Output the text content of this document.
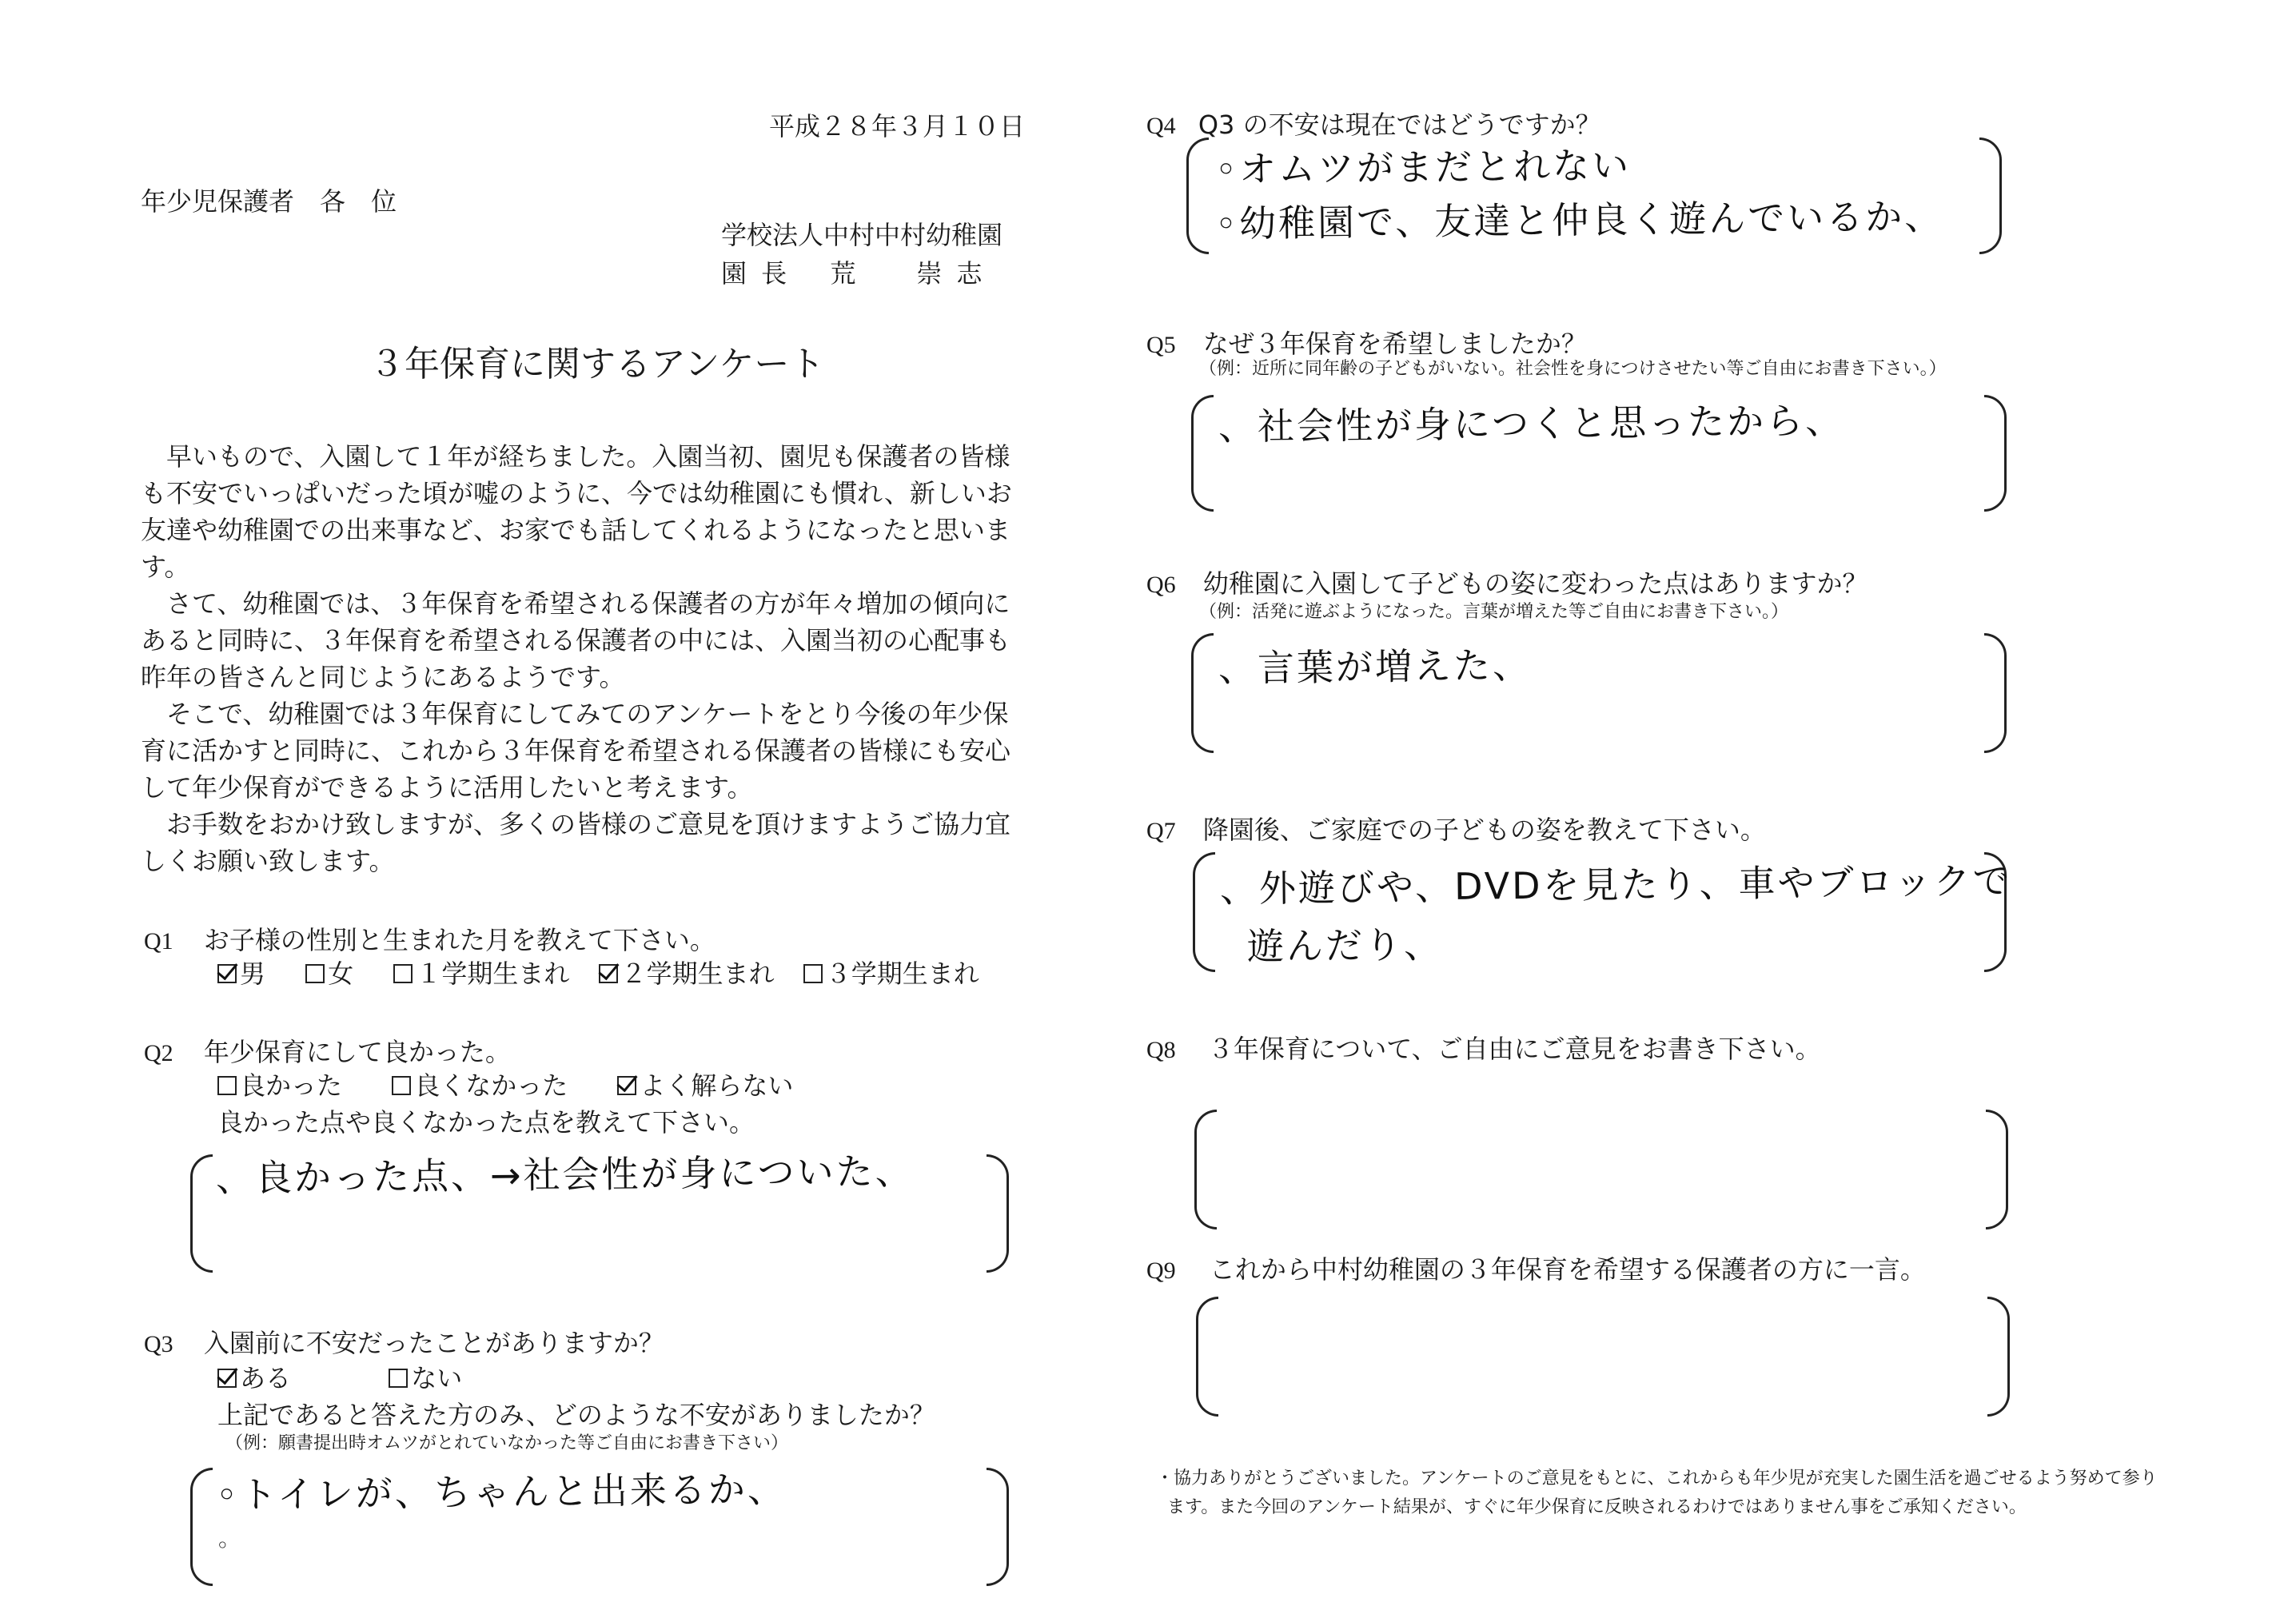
平成２８年３月１０日
年少児保護者　各　位
学校法人中村中村幼稚園
園 長　 荒　　崇 志
３年保育に関するアンケート

　早いもので、入園して１年が経ちました。入園当初、園児も保護者の皆様も不安でいっぱいだった頃が嘘のように、今では幼稚園にも慣れ、新しいお友達や幼稚園での出来事など、お家でも話してくれるようになったと思います。

　さて、幼稚園では、３年保育を希望される保護者の方が年々増加の傾向にあると同時に、３年保育を希望される保護者の中には、入園当初の心配事も昨年の皆さんと同じようにあるようです。

　そこで、幼稚園では３年保育にしてみてのアンケートをとり今後の年少保育に活かすと同時に、これから３年保育を希望される保護者の皆様にも安心して年少保育ができるように活用したいと考えます。

　お手数をおかけ致しますが、多くの皆様のご意見を頂けますようご協力宜しくお願い致します。

Q1 お子様の性別と生まれた月を教えて下さい。
男
女
１学期生まれ
２学期生まれ
３学期生まれ
Q2 年少保育にして良かった。
良かった
	良くなかった
	よく解らない
良かった点や良くなかった点を教えて下さい。
、良かった点、→社会性が身についた、
Q3 入園前に不安だったことがありますか？
ある
	ない
上記であると答えた方のみ、どのような不安がありましたか？
（例：願書提出時オムツがとれていなかった等ご自由にお書き下さい）
◦トイレが、ちゃんと出来るか、
◦
Q4 Q3 の不安は現在ではどうですか？
◦オムツがまだとれない
◦幼稚園で、友達と仲良く遊んでいるか、
Q5 なぜ３年保育を希望しましたか？
（例：近所に同年齢の子どもがいない。社会性を身につけさせたい等ご自由にお書き下さい。）
、社会性が身につくと思ったから、
Q6 幼稚園に入園して子どもの姿に変わった点はありますか？
（例：活発に遊ぶようになった。言葉が増えた等ご自由にお書き下さい。）
、言葉が増えた、
Q7 降園後、ご家庭での子どもの姿を教えて下さい。
、外遊びや、DVDを見たり、車やブロックで
遊んだり、
Q8 ３年保育について、ご自由にご意見をお書き下さい。
Q9 これから中村幼稚園の３年保育を希望する保護者の方に一言。
・協力ありがとうございました。アンケートのご意見をもとに、これからも年少児が充実した園生活を過ごせるよう努めて参り
ます。また今回のアンケート結果が、すぐに年少保育に反映されるわけではありません事をご承知ください。
